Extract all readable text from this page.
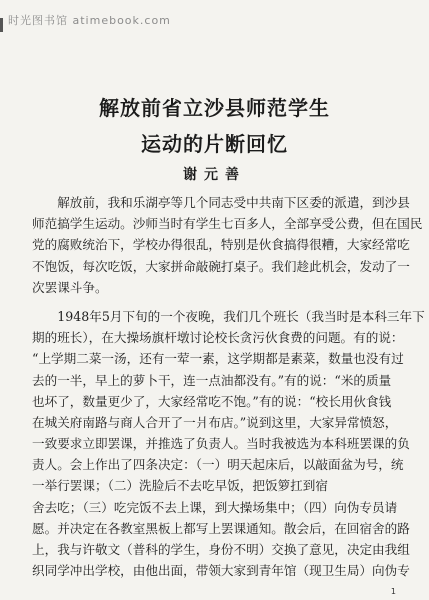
时光图书馆 atimebook.com
解放前省立沙县师范学生
运动的片断回忆
谢元善
　　解放前，我和乐湖亭等几个同志受中共南下区委的派遣，到沙县
师范搞学生运动。沙师当时有学生七百多人，全部享受公费，但在国民
党的腐败统治下，学校办得很乱，特别是伙食搞得很糟，大家经常吃
不饱饭，每次吃饭，大家拼命敲碗打桌子。我们趁此机会，发动了一
次罢课斗争。
　　1948年5月下旬的一个夜晚，我们几个班长（我当时是本科三年下
期的班长），在大操场旗杆墩讨论校长贪污伙食费的问题。有的说：
“上学期二菜一汤，还有一荤一素，这学期都是素菜，数量也没有过
去的一半，早上的萝卜干，连一点油都没有。”有的说：“米的质量
也坏了，数量更少了，大家经常吃不饱。”有的说：“校长用伙食钱
在城关府南路与商人合开了一爿布店。”说到这里，大家异常愤怒，
一致要求立即罢课，并推选了负责人。当时我被选为本科班罢课的负
责人。会上作出了四条决定：（一）明天起床后，以敲面盆为号，统
一举行罢课；（二）洗脸后不去吃早饭，把饭箩扛到宿
舍去吃；（三）吃完饭不去上课，到大操场集中；（四）向伪专员请
愿。并决定在各教室黑板上都写上罢课通知。散会后，在回宿舍的路
上，我与许敬文（普科的学生，身份不明）交换了意见，决定由我组
织同学冲出学校，由他出面，带领大家到青年馆（现卫生局）向伪专
1
